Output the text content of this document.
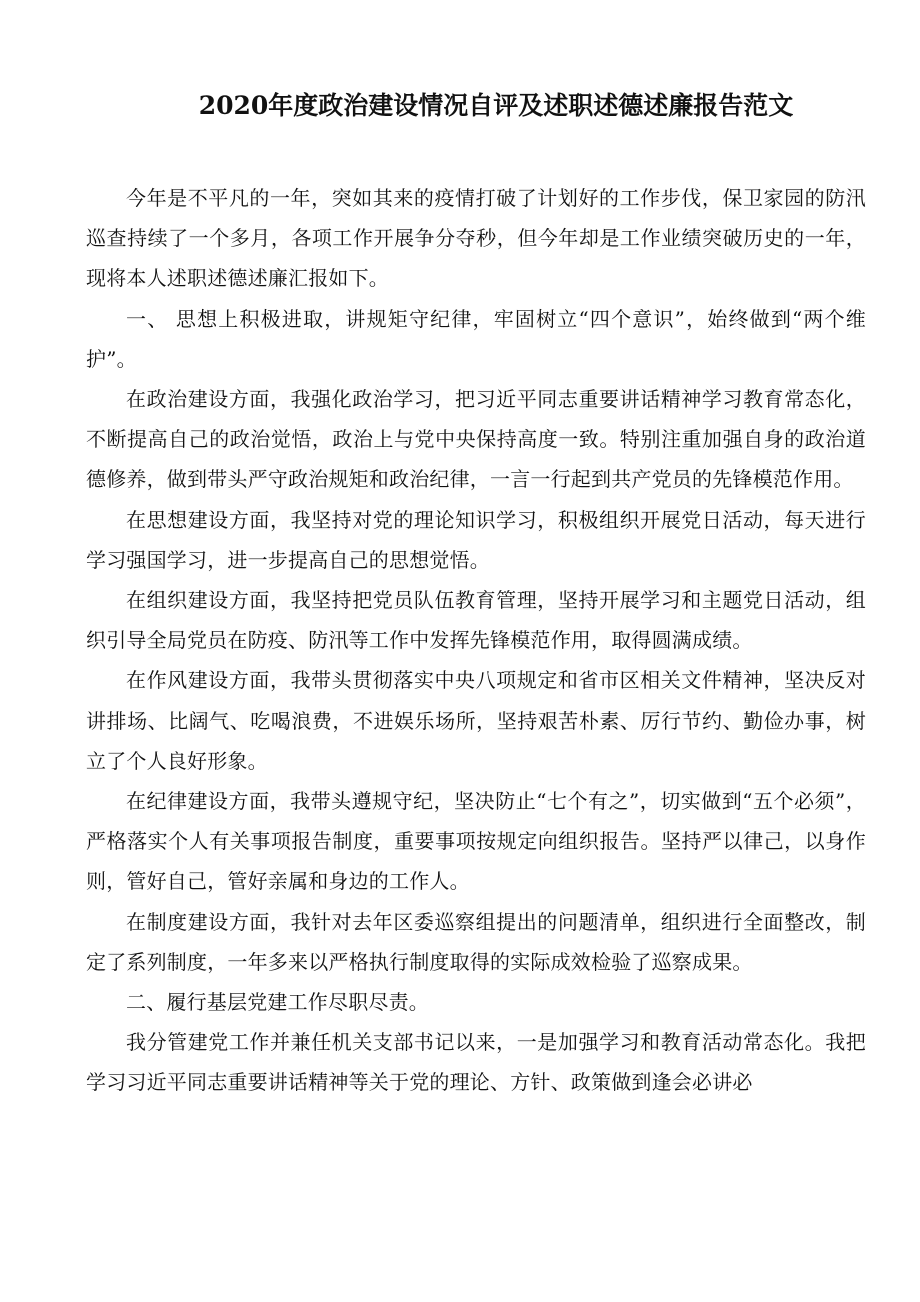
2020年度政治建设情况自评及述职述德述廉报告范文

今年是不平凡的一年，突如其来的疫情打破了计划好的工作步伐，保卫家园的防汛巡查持续了一个多月，各项工作开展争分夺秒，但今年却是工作业绩突破历史的一年，现将本人述职述德述廉汇报如下。

一、 思想上积极进取，讲规矩守纪律，牢固树立“四个意识”，始终做到“两个维护”。

在政治建设方面，我强化政治学习，把习近平同志重要讲话精神学习教育常态化，不断提高自己的政治觉悟，政治上与党中央保持高度一致。特别注重加强自身的政治道德修养，做到带头严守政治规矩和政治纪律，一言一行起到共产党员的先锋模范作用。

在思想建设方面，我坚持对党的理论知识学习，积极组织开展党日活动，每天进行学习强国学习，进一步提高自己的思想觉悟。

在组织建设方面，我坚持把党员队伍教育管理，坚持开展学习和主题党日活动，组织引导全局党员在防疫、防汛等工作中发挥先锋模范作用，取得圆满成绩。

在作风建设方面，我带头贯彻落实中央八项规定和省市区相关文件精神，坚决反对讲排场、比阔气、吃喝浪费，不进娱乐场所，坚持艰苦朴素、厉行节约、勤俭办事，树立了个人良好形象。

在纪律建设方面，我带头遵规守纪，坚决防止“七个有之”，切实做到“五个必须”，严格落实个人有关事项报告制度，重要事项按规定向组织报告。坚持严以律己，以身作则，管好自己，管好亲属和身边的工作人。

在制度建设方面，我针对去年区委巡察组提出的问题清单，组织进行全面整改，制定了系列制度，一年多来以严格执行制度取得的实际成效检验了巡察成果。

二、履行基层党建工作尽职尽责。

我分管建党工作并兼任机关支部书记以来，一是加强学习和教育活动常态化。我把学习习近平同志重要讲话精神等关于党的理论、方针、政策做到逢会必讲必
